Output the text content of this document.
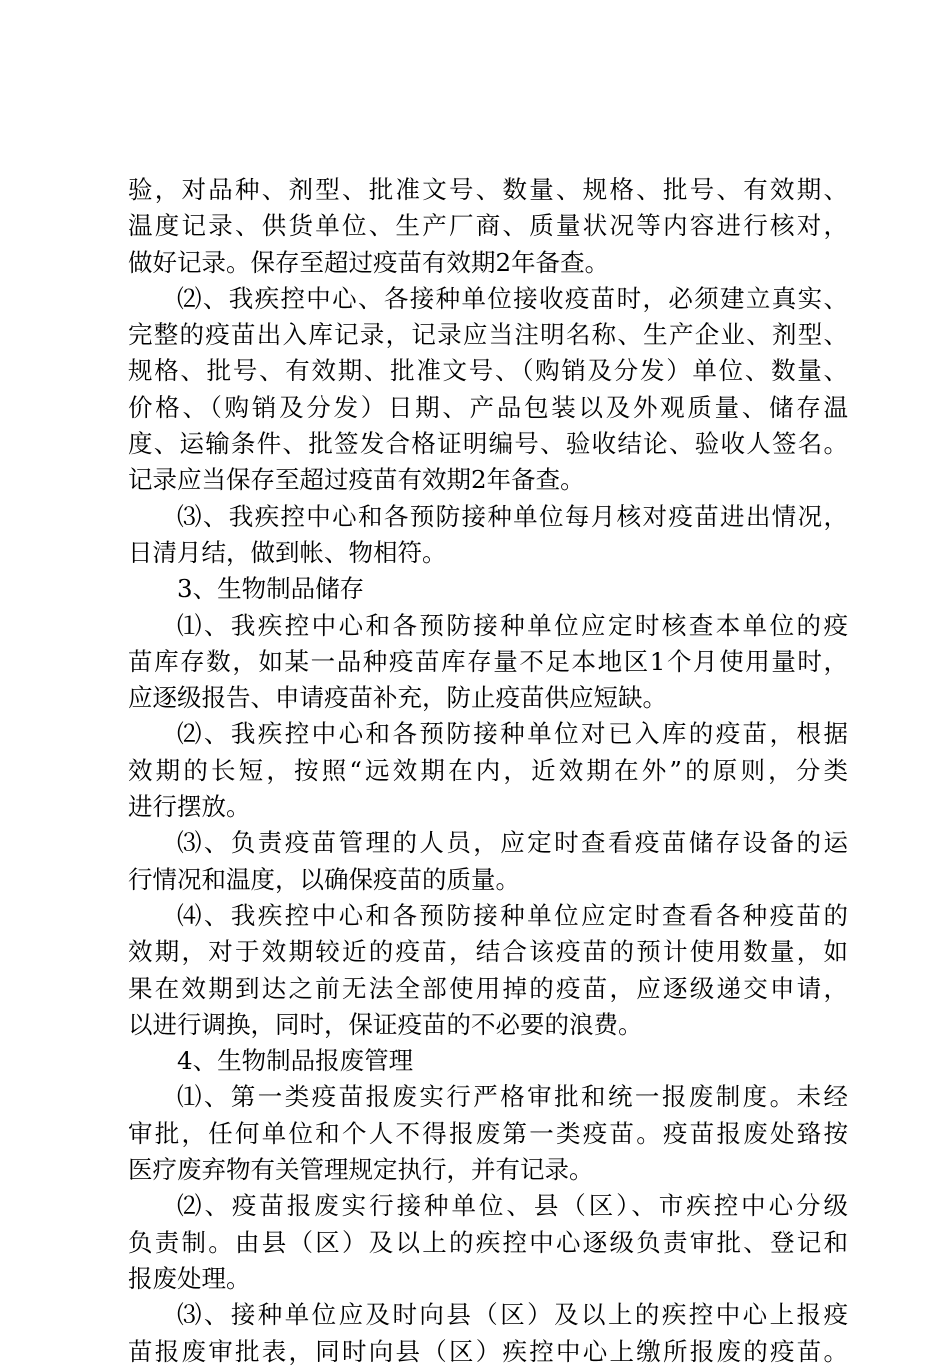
验，对品种、剂型、批准文号、数量、规格、批号、有效期、
温度记录、供货单位、生产厂商、质量状况等内容进行核对，
做好记录。保存至超过疫苗有效期2年备查。
⑵、我疾控中心、各接种单位接收疫苗时，必须建立真实、
完整的疫苗出入库记录，记录应当注明名称、生产企业、剂型、
规格、批号、有效期、批准文号、（购销及分发）单位、数量、
价格、（购销及分发）日期、产品包装以及外观质量、储存温
度、运输条件、批签发合格证明编号、验收结论、验收人签名。
记录应当保存至超过疫苗有效期2年备查。
⑶、我疾控中心和各预防接种单位每月核对疫苗进出情况，
日清月结，做到帐、物相符。
3、生物制品储存
⑴、我疾控中心和各预防接种单位应定时核查本单位的疫
苗库存数，如某一品种疫苗库存量不足本地区1个月使用量时，
应逐级报告、申请疫苗补充，防止疫苗供应短缺。
⑵、我疾控中心和各预防接种单位对已入库的疫苗，根据
效期的长短，按照“远效期在内，近效期在外”的原则，分类
进行摆放。
⑶、负责疫苗管理的人员，应定时查看疫苗储存设备的运
行情况和温度，以确保疫苗的质量。
⑷、我疾控中心和各预防接种单位应定时查看各种疫苗的
效期，对于效期较近的疫苗，结合该疫苗的预计使用数量，如
果在效期到达之前无法全部使用掉的疫苗，应逐级递交申请，
以进行调换，同时，保证疫苗的不必要的浪费。
4、生物制品报废管理
⑴、第一类疫苗报废实行严格审批和统一报废制度。未经
审批，任何单位和个人不得报废第一类疫苗。疫苗报废处臵按
医疗废弃物有关管理规定执行，并有记录。
⑵、疫苗报废实行接种单位、县（区）、市疾控中心分级
负责制。由县（区）及以上的疾控中心逐级负责审批、登记和
报废处理。
⑶、接种单位应及时向县（区）及以上的疾控中心上报疫
苗报废审批表，同时向县（区）疾控中心上缴所报废的疫苗。
